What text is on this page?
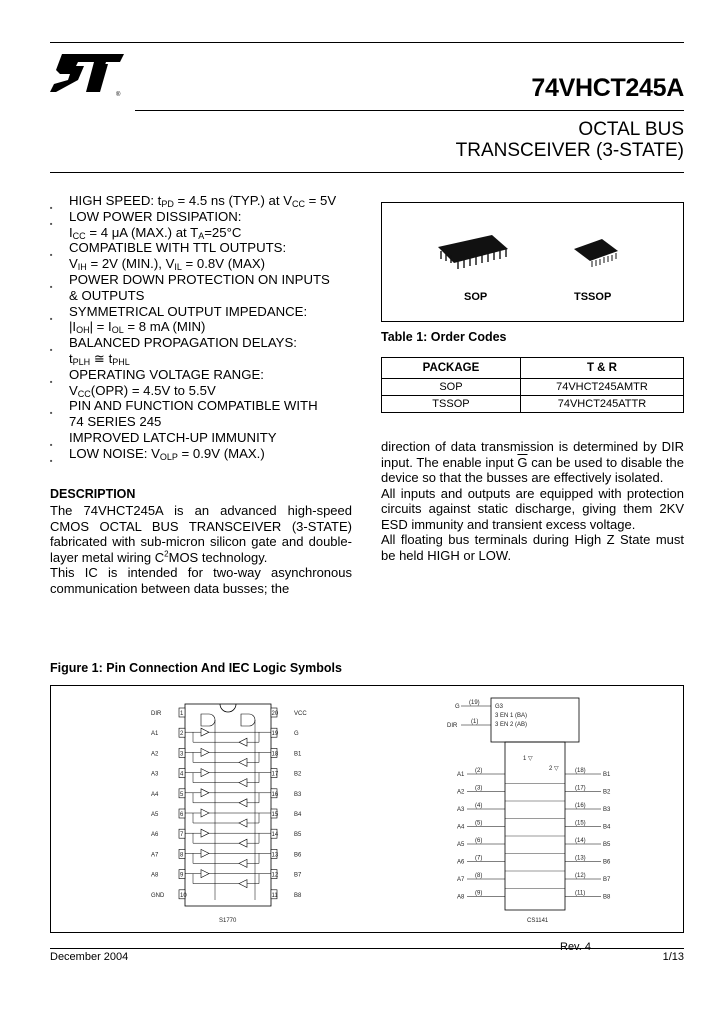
®	74VHCT245A
OCTAL BUS
TRANSCEIVER (3-STATE)
■ HIGH SPEED: $t_{PD} = 4.5$ ns (TYP.) at $V_{CC} = 5V$
■ LOW POWER DISSIPATION:
$I_{CC} = 4$ μA (MAX.) at $T_A=25^\circ C$
■ COMPATIBLE WITH TTL OUTPUTS:
$V_{IH} = 2V$ (MIN.), $V_{IL} = 0.8V$ (MAX)
■ POWER DOWN PROTECTION ON INPUTS
& OUTPUTS
■ SYMMETRICAL OUTPUT IMPEDANCE:
$|I_{OH}| = I_{OL} = 8$ mA (MIN)
■ BALANCED PROPAGATION DELAYS:
$t_{PLH}$ ≅ $t_{PHL}$
■ OPERATING VOLTAGE RANGE:
$V_{CC}(OPR) = 4.5V$ to 5.5V
■ PIN AND FUNCTION COMPATIBLE WITH
74 SERIES 245
■ IMPROVED LATCH-UP IMMUNITY
■ LOW NOISE: $V_{OLP} = 0.9V$ (MAX.)
SOP	TSSOP
Table 1: Order Codes
PACKAGE	T & R
SOP	74VHCT245AMTR
TSSOP	74VHCT245ATTR
DESCRIPTION
The 74VHCT245A is an advanced high-speed CMOS OCTAL BUS TRANSCEIVER (3-STATE) fabricated with sub-micron silicon gate and double-layer metal wiring $C^2MOS$ technology.
This IC is intended for two-way asynchronous communication between data busses; the
direction of data transmission is determined by DIR input. The enable input $\overline{G}$ can be used to disable the device so that the busses are effectively isolated.
All inputs and outputs are equipped with protection circuits against static discharge, giving them 2KV ESD immunity and transient excess voltage.
All floating bus terminals during High Z State must be held HIGH or LOW.
Figure 1: Pin Connection And IEC Logic Symbols
DIR	1	VCC
20
A1	2	G
19
A2	3	B1
18
A3	4	B2
17
A4	5	B3
16
A5	6	B4
15
A6	7	B5
14
A7	8	B6
13
A8	9	B7
12
GND	10	B8
11
S1770
G3
3 EN 1 (BA)
3 EN 2 (AB)
G
(19)
DIR
(1)
1 ▽
2 ▽
A1
(2)
B1
(18)
A2
(3)
B2
(17)
A3
(4)
B3
(16)
A4
(5)
B4
(15)
A5
(6)
B5
(14)
A6
(7)
B6
(13)
A7
(8)
B7
(12)
A8
(9)
B8
(11)
CS1141
Rev. 4
December 2004	1/13
